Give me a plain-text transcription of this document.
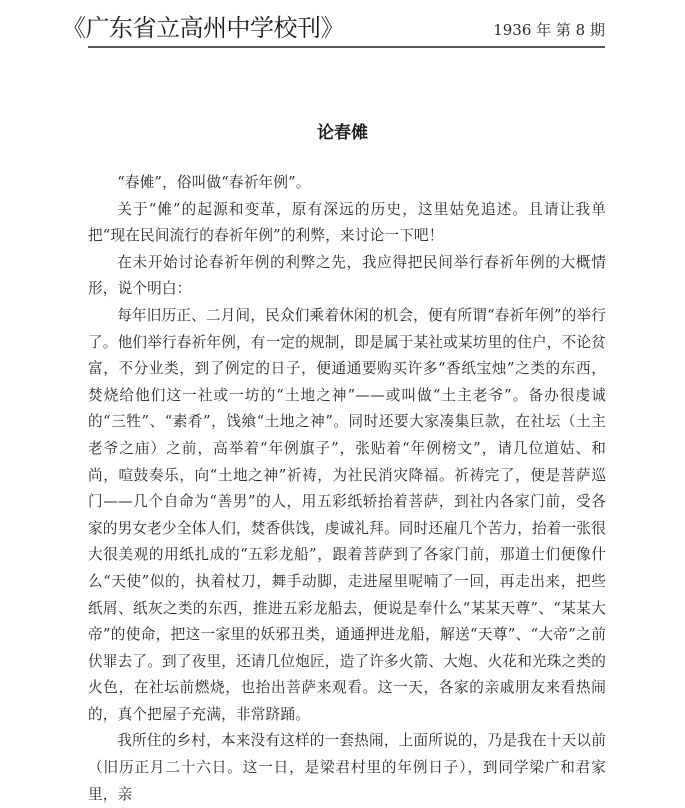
《广东省立高州中学校刊》	1936 年 第 8 期
论春傩

“春傩”，俗叫做“春祈年例”。

关于“傩”的起源和变革，原有深远的历史，这里姑免追述。且请让我单把“现在民间流行的春祈年例”的利弊，来讨论一下吧！

在未开始讨论春祈年例的利弊之先，我应得把民间举行春祈年例的大概情形，说个明白：

每年旧历正、二月间，民众们乘着休闲的机会，便有所谓“春祈年例”的举行了。他们举行春祈年例，有一定的规制，即是属于某社或某坊里的住户，不论贫富，不分业类，到了例定的日子，便通通要购买许多“香纸宝烛”之类的东西，焚烧给他们这一社或一坊的“土地之神”——或叫做“土主老爷”。备办很虔诚的“三牲”、“素肴”，饯飨“土地之神”。同时还要大家凑集巨款，在社坛（土主老爷之庙）之前，高举着“年例旗子”，张贴着“年例榜文”，请几位道姑、和尚，喧鼓奏乐，向“土地之神”祈祷，为社民消灾降福。祈祷完了，便是菩萨巡门——几个自命为“善男”的人，用五彩纸轿抬着菩萨，到社内各家门前，受各家的男女老少全体人们，焚香供饯，虔诚礼拜。同时还雇几个苦力，抬着一张很大很美观的用纸扎成的“五彩龙船”，跟着菩萨到了各家门前，那道士们便像什么“天使”似的，执着杖刀，舞手动脚，走进屋里呢喃了一回，再走出来，把些纸屑、纸灰之类的东西，推进五彩龙船去，便说是奉什么“某某天尊”、“某某大帝”的使命，把这一家里的妖邪丑类，通通押进龙船，解送“天尊”、“大帝”之前伏罪去了。到了夜里，还请几位炮匠，造了许多火箭、大炮、火花和光珠之类的火色，在社坛前燃烧，也抬出菩萨来观看。这一天，各家的亲戚朋友来看热闹的，真个把屋子充满，非常跻踊。

我所住的乡村，本来没有这样的一套热闹，上面所说的，乃是我在十天以前（旧历正月二十六日。这一日，是梁君村里的年例日子），到同学梁广和君家里，亲
